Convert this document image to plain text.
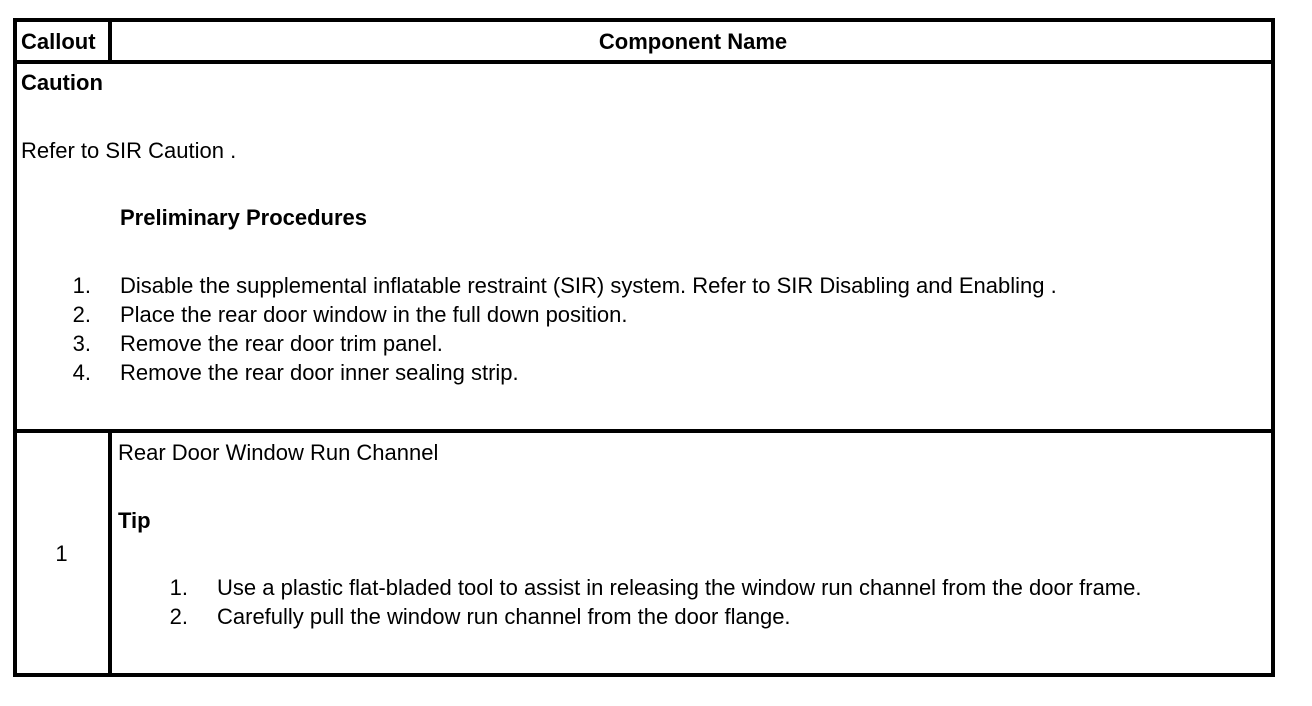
Callout	Component Name
Caution
Refer to SIR Caution .
Preliminary Procedures
1. Disable the supplemental inflatable restraint (SIR) system. Refer to SIR Disabling and Enabling .
2. Place the rear door window in the full down position.
3. Remove the rear door trim panel.
4. Remove the rear door inner sealing strip.
1
Rear Door Window Run Channel
Tip
1. Use a plastic flat-bladed tool to assist in releasing the window run channel from the door frame.
2. Carefully pull the window run channel from the door flange.
